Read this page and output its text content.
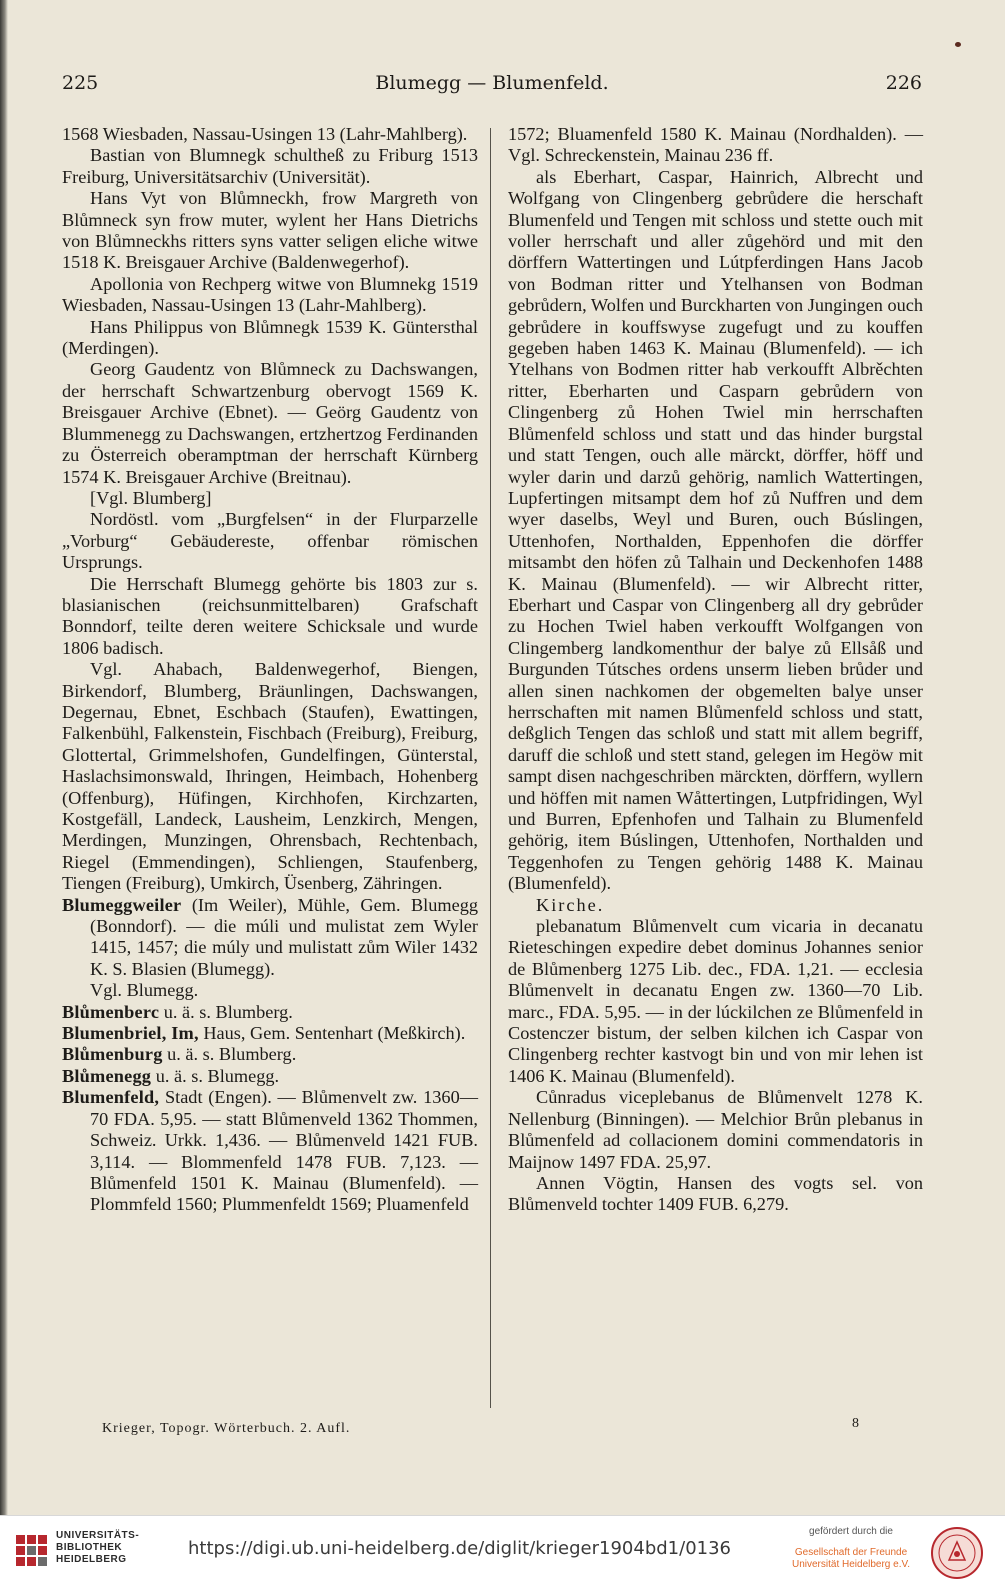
225	Blumegg — Blumenfeld.	226

1568 Wiesbaden, Nassau-Usingen 13 (Lahr-Mahlberg).

Bastian von Blumnegk schultheß zu Friburg 1513 Freiburg, Universitätsarchiv (Universität).

Hans Vyt von Blůmneckh, frow Margreth von Blůmneck syn frow muter, wylent her Hans Dietrichs von Blůmneckhs ritters syns vatter seligen eliche witwe 1518 K. Breisgauer Archive (Baldenwegerhof).

Apollonia von Rechperg witwe von Blumnekg 1519 Wiesbaden, Nassau-Usingen 13 (Lahr-Mahlberg).

Hans Philippus von Blůmnegk 1539 K. Güntersthal (Merdingen).

Georg Gaudentz von Blůmneck zu Dachswangen, der herrschaft Schwartzenburg obervogt 1569 K. Breisgauer Archive (Ebnet). — Geörg Gaudentz von Blummenegg zu Dachswangen, ertzhertzog Ferdinanden zu Österreich oberamptman der herrschaft Kürnberg 1574 K. Breisgauer Archive (Breitnau).

[Vgl. Blumberg]

Nordöstl. vom „Burgfelsen“ in der Flurparzelle „Vorburg“ Gebäudereste, offenbar römischen Ursprungs.

Die Herrschaft Blumegg gehörte bis 1803 zur s. blasianischen (reichsunmittelbaren) Grafschaft Bonndorf, teilte deren weitere Schicksale und wurde 1806 badisch.

Vgl. Ahabach, Baldenwegerhof, Biengen, Birkendorf, Blumberg, Bräunlingen, Dachswangen, Degernau, Ebnet, Eschbach (Staufen), Ewattingen, Falkenbühl, Falkenstein, Fischbach (Freiburg), Freiburg, Glottertal, Grimmelshofen, Gundelfingen, Günterstal, Haslachsimonswald, Ihringen, Heimbach, Hohenberg (Offenburg), Hüfingen, Kirchhofen, Kirchzarten, Kostgefäll, Landeck, Lausheim, Lenzkirch, Mengen, Merdingen, Munzingen, Ohrensbach, Rechtenbach, Riegel (Emmendingen), Schliengen, Staufenberg, Tiengen (Freiburg), Umkirch, Üsenberg, Zähringen.

Blumeggweiler (Im Weiler), Mühle, Gem. Blumegg (Bonndorf). — die múli und mulistat zem Wyler 1415, 1457; die múly und mulistatt zům Wiler 1432 K. S. Blasien (Blumegg).

Vgl. Blumegg.

Blůmenberc u. ä. s. Blumberg.

Blumenbriel, Im, Haus, Gem. Sentenhart (Meßkirch).

Blůmenburg u. ä. s. Blumberg.

Blůmenegg u. ä. s. Blumegg.

Blumenfeld, Stadt (Engen). — Blůmenvelt zw. 1360—70 FDA. 5,95. — statt Blůmenveld 1362 Thommen, Schweiz. Urkk. 1,436. — Blůmenveld 1421 FUB. 3,114. — Blommenfeld 1478 FUB. 7,123. — Blůmenfeld 1501 K. Mainau (Blumenfeld). — Plommfeld 1560; Plummenfeldt 1569; Pluamenfeld

1572; Bluamenfeld 1580 K. Mainau (Nordhalden). — Vgl. Schreckenstein, Mainau 236 ff.

als Eberhart, Caspar, Hainrich, Albrecht und Wolfgang von Clingenberg gebrůdere die herschaft Blumenfeld und Tengen mit schloss und stette ouch mit voller herrschaft und aller zůgehörd und mit den dörffern Wattertingen und Lútpferdingen Hans Jacob von Bodman ritter und Ytelhansen von Bodman gebrůdern, Wolfen und Burckharten von Jungingen ouch gebrůdere in kouffswyse zugefugt und zu kouffen gegeben haben 1463 K. Mainau (Blumenfeld). — ich Ytelhans von Bodmen ritter hab verkoufft Albrěchten ritter, Eberharten und Casparn gebrůdern von Clingenberg zů Hohen Twiel min herrschaften Blůmenfeld schloss und statt und das hinder burgstal und statt Tengen, ouch alle märckt, dörffer, höff und wyler darin und darzů gehörig, namlich Wattertingen, Lupfertingen mitsampt dem hof zů Nuffren und dem wyer daselbs, Weyl und Buren, ouch Búslingen, Uttenhofen, Northalden, Eppenhofen die dörffer mitsambt den höfen zů Talhain und Deckenhofen 1488 K. Mainau (Blumenfeld). — wir Albrecht ritter, Eberhart und Caspar von Clingenberg all dry gebrůder zu Hochen Twiel haben verkoufft Wolfgangen von Clingemberg landkomenthur der balye zů Ellsåß und Burgunden Tútsches ordens unserm lieben brůder und allen sinen nachkomen der obgemelten balye unser herrschaften mit namen Blůmenfeld schloss und statt, deßglich Tengen das schloß und statt mit allem begriff, daruff die schloß und stett stand, gelegen im Hegöw mit sampt disen nachgeschriben märckten, dörffern, wyllern und höffen mit namen Wåttertingen, Lutpfridingen, Wyl und Burren, Epfenhofen und Talhain zu Blumenfeld gehörig, item Búslingen, Uttenhofen, Northalden und Teggenhofen zu Tengen gehörig 1488 K. Mainau (Blumenfeld).

Kirche.

plebanatum Blůmenvelt cum vicaria in decanatu Rieteschingen expedire debet dominus Johannes senior de Blůmenberg 1275 Lib. dec., FDA. 1,21. — ecclesia Blůmenvelt in decanatu Engen zw. 1360—70 Lib. marc., FDA. 5,95. — in der lúckilchen ze Blůmenfeld in Costenczer bistum, der selben kilchen ich Caspar von Clingenberg rechter kastvogt bin und von mir lehen ist 1406 K. Mainau (Blumenfeld).

Cůnradus viceplebanus de Blůmenvelt 1278 K. Nellenburg (Binningen). — Melchior Brůn plebanus in Blůmenfeld ad collacionem domini commendatoris in Maijnow 1497 FDA. 25,97.

Annen Vögtin, Hansen des vogts sel. von Blůmenveld tochter 1409 FUB. 6,279.

Krieger, Topogr. Wörterbuch. 2. Aufl.	8
UNIVERSITÄTS-
BIBLIOTHEK
HEIDELBERG
https://digi.ub.uni-heidelberg.de/diglit/krieger1904bd1/0136
gefördert durch die
Gesellschaft der Freunde
Universität Heidelberg e.V.
